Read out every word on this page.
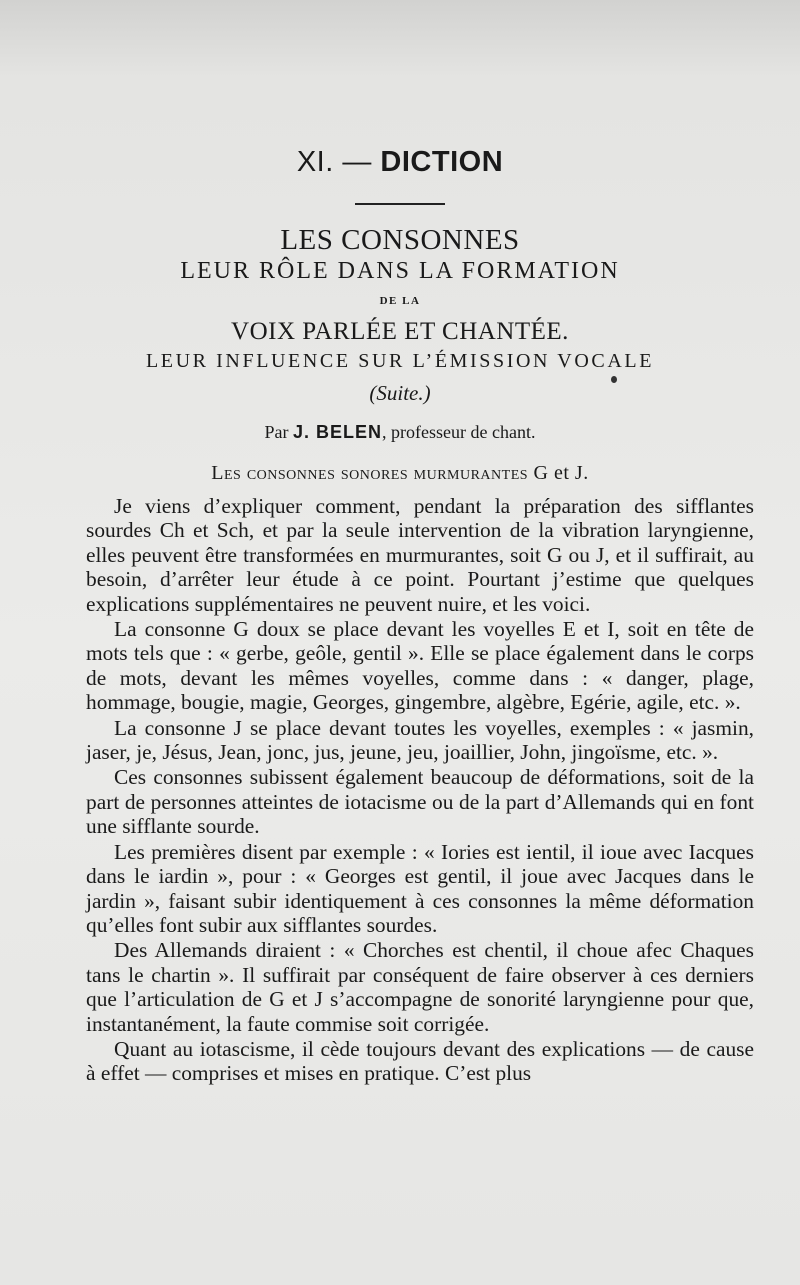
XI. — DICTION
LES CONSONNES
LEUR RÔLE DANS LA FORMATION
DE LA
VOIX PARLÉE ET CHANTÉE.
LEUR INFLUENCE SUR L’ÉMISSION VOCALE
(Suite.)
Par J. BELEN, professeur de chant.
Les consonnes sonores murmurantes G et J.

Je viens d’expliquer comment, pendant la préparation des sifflantes sourdes Ch et Sch, et par la seule intervention de la vibration laryngienne, elles peuvent être transformées en murmurantes, soit G ou J, et il suffirait, au besoin, d’arrêter leur étude à ce point. Pourtant j’estime que quelques explications supplémentaires ne peuvent nuire, et les voici.

La consonne G doux se place devant les voyelles E et I, soit en tête de mots tels que : « gerbe, geôle, gentil ». Elle se place également dans le corps de mots, devant les mêmes voyelles, comme dans : « danger, plage, hommage, bougie, magie, Georges, gingembre, algèbre, Egérie, agile, etc. ».

La consonne J se place devant toutes les voyelles, exemples : « jasmin, jaser, je, Jésus, Jean, jonc, jus, jeune, jeu, joaillier, John, jingoïsme, etc. ».

Ces consonnes subissent également beaucoup de déformations, soit de la part de personnes atteintes de iotacisme ou de la part d’Allemands qui en font une sifflante sourde.

Les premières disent par exemple : « Iories est ientil, il ioue avec Iacques dans le iardin », pour : « Georges est gentil, il joue avec Jacques dans le jardin », faisant subir identiquement à ces consonnes la même déformation qu’elles font subir aux sifflantes sourdes.

Des Allemands diraient : « Chorches est chentil, il choue afec Chaques tans le chartin ». Il suffirait par conséquent de faire observer à ces derniers que l’articulation de G et J s’accompagne de sonorité laryngienne pour que, instantanément, la faute commise soit corrigée.

Quant au iotascisme, il cède toujours devant des explications — de cause à effet — comprises et mises en pratique. C’est plus
